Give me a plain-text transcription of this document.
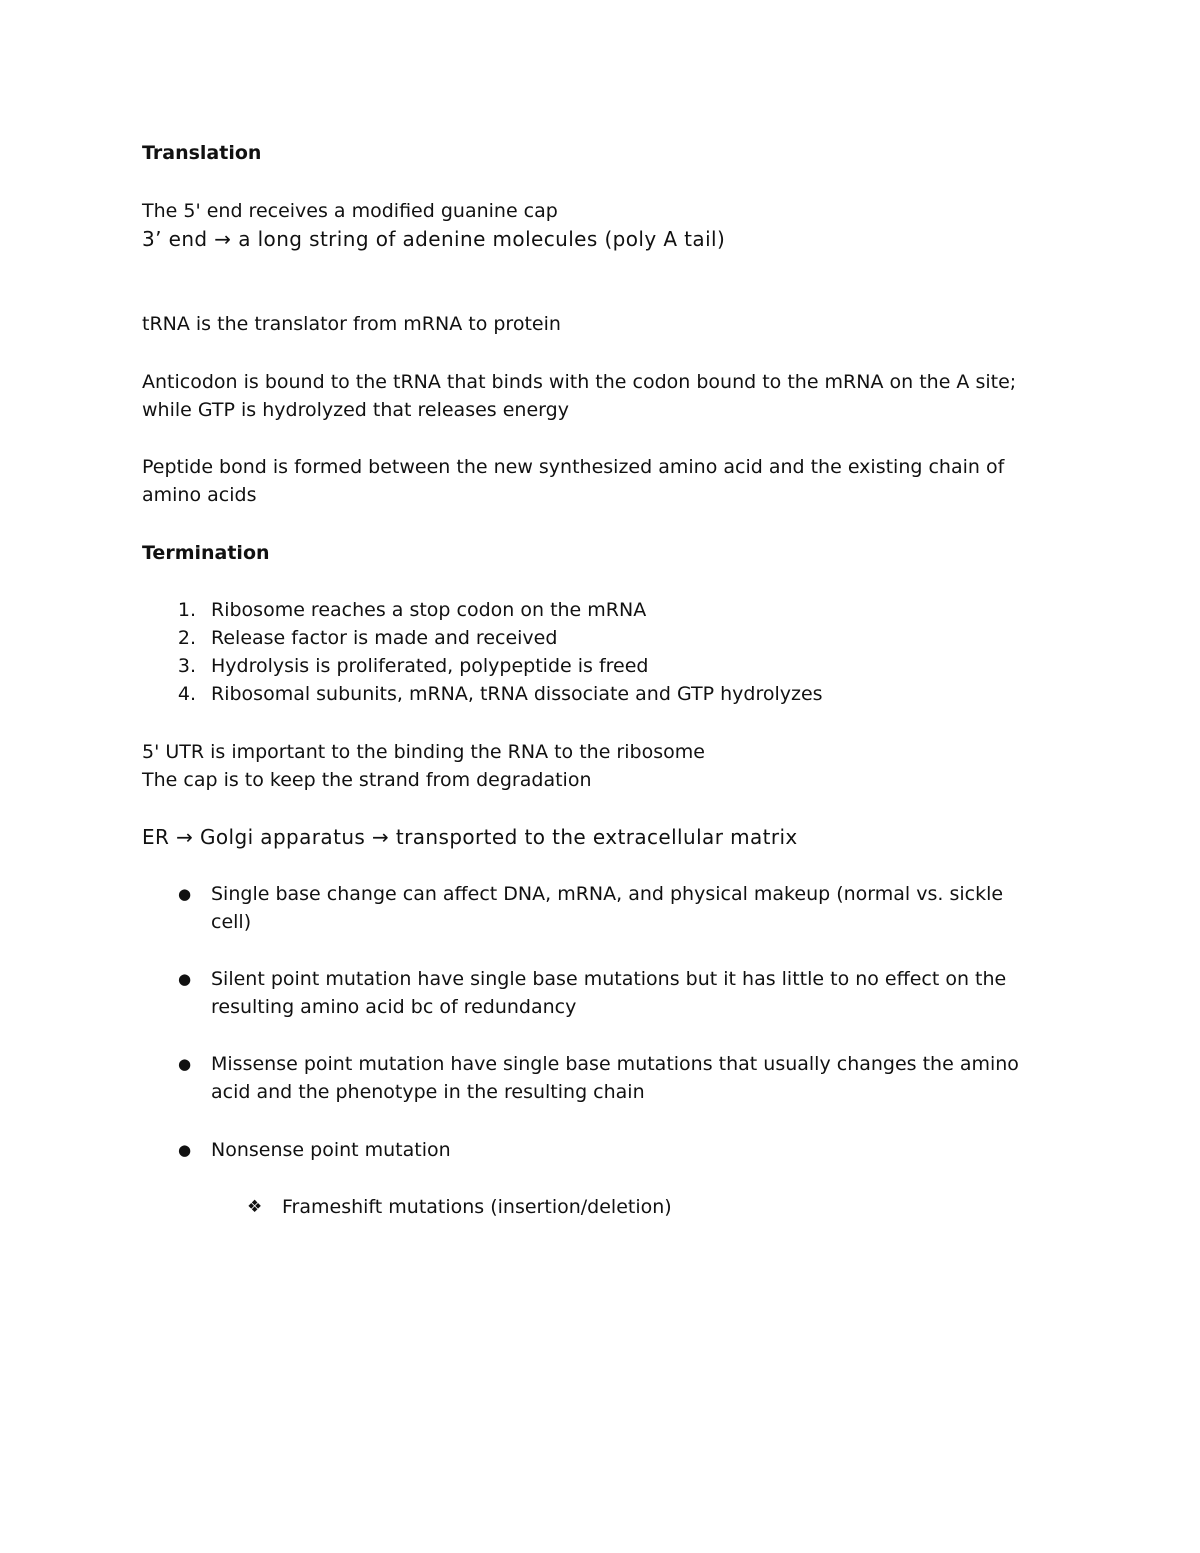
Translation
The 5' end receives a modified guanine cap
3’ end → a long string of adenine molecules (poly A tail)
tRNA is the translator from mRNA to protein
Anticodon is bound to the tRNA that binds with the codon bound to the mRNA on the A site;
while GTP is hydrolyzed that releases energy
Peptide bond is formed between the new synthesized amino acid and the existing chain of
amino acids
Termination
1. Ribosome reaches a stop codon on the mRNA
2. Release factor is made and received
3. Hydrolysis is proliferated, polypeptide is freed
4. Ribosomal subunits, mRNA, tRNA dissociate and GTP hydrolyzes
5' UTR is important to the binding the RNA to the ribosome
The cap is to keep the strand from degradation
ER → Golgi apparatus → transported to the extracellular matrix
● Single base change can affect DNA, mRNA, and physical makeup (normal vs. sickle
cell)
● Silent point mutation have single base mutations but it has little to no effect on the
resulting amino acid bc of redundancy
● Missense point mutation have single base mutations that usually changes the amino
acid and the phenotype in the resulting chain
● Nonsense point mutation
❖ Frameshift mutations (insertion/deletion)
